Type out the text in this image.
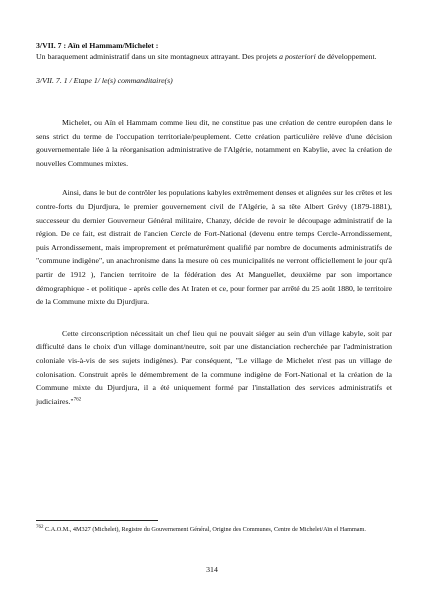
3/VII. 7 : Aïn el Hammam/Michelet :

Un baraquement administratif dans un site montagneux attrayant. Des projets a posteriori de développement.

3/VII. 7. 1 / Etape 1/ le(s) commanditaire(s)

Michelet, ou Aïn el Hammam comme lieu dit, ne constitue pas une création de centre européen dans le sens strict du terme de l'occupation territoriale/peuplement. Cette création particulière relève d'une décision gouvernementale liée à la réorganisation administrative de l'Algérie, notamment en Kabylie, avec la création de nouvelles Communes mixtes.

Ainsi, dans le but de contrôler les populations kabyles extrêmement denses et alignées sur les crêtes et les contre-forts du Djurdjura, le premier gouvernement civil de l'Algérie, à sa tête Albert Grévy (1879-1881), successeur du dernier Gouverneur Général militaire, Chanzy, décide de revoir le découpage administratif de la région. De ce fait, est distrait de l'ancien Cercle de Fort-National (devenu entre temps Cercle-Arrondissement, puis Arrondissement, mais improprement et prématurément qualifié par nombre de documents administratifs de "commune indigène", un anachronisme dans la mesure où ces municipalités ne verront officiellement le jour qu'à partir de 1912 ), l'ancien territoire de la fédération des At Manguellet, deuxième par son importance démographique - et politique - après celle des At Iraten et ce, pour former par arrêté du 25 août 1880, le territoire de la Commune mixte du Djurdjura.

Cette circonscription nécessitait un chef lieu qui ne pouvait siéger au sein d'un village kabyle, soit par difficulté dans le choix d'un village dominant/neutre, soit par une distanciation recherchée par l'administration coloniale vis-à-vis de ses sujets indigènes). Par conséquent, "Le village de Michelet n'est pas un village de colonisation. Construit après le démembrement de la commune indigène de Fort-National et la création de la Commune mixte du Djurdjura, il a été uniquement formé par l'installation des services administratifs et judiciaires."$^{762}$

$^{762}$ C.A.O.M., 4M327 (Michelet), Registre du Gouvernement Général, Origine des Communes, Centre de Michelet/Aïn el Hammam.

314
